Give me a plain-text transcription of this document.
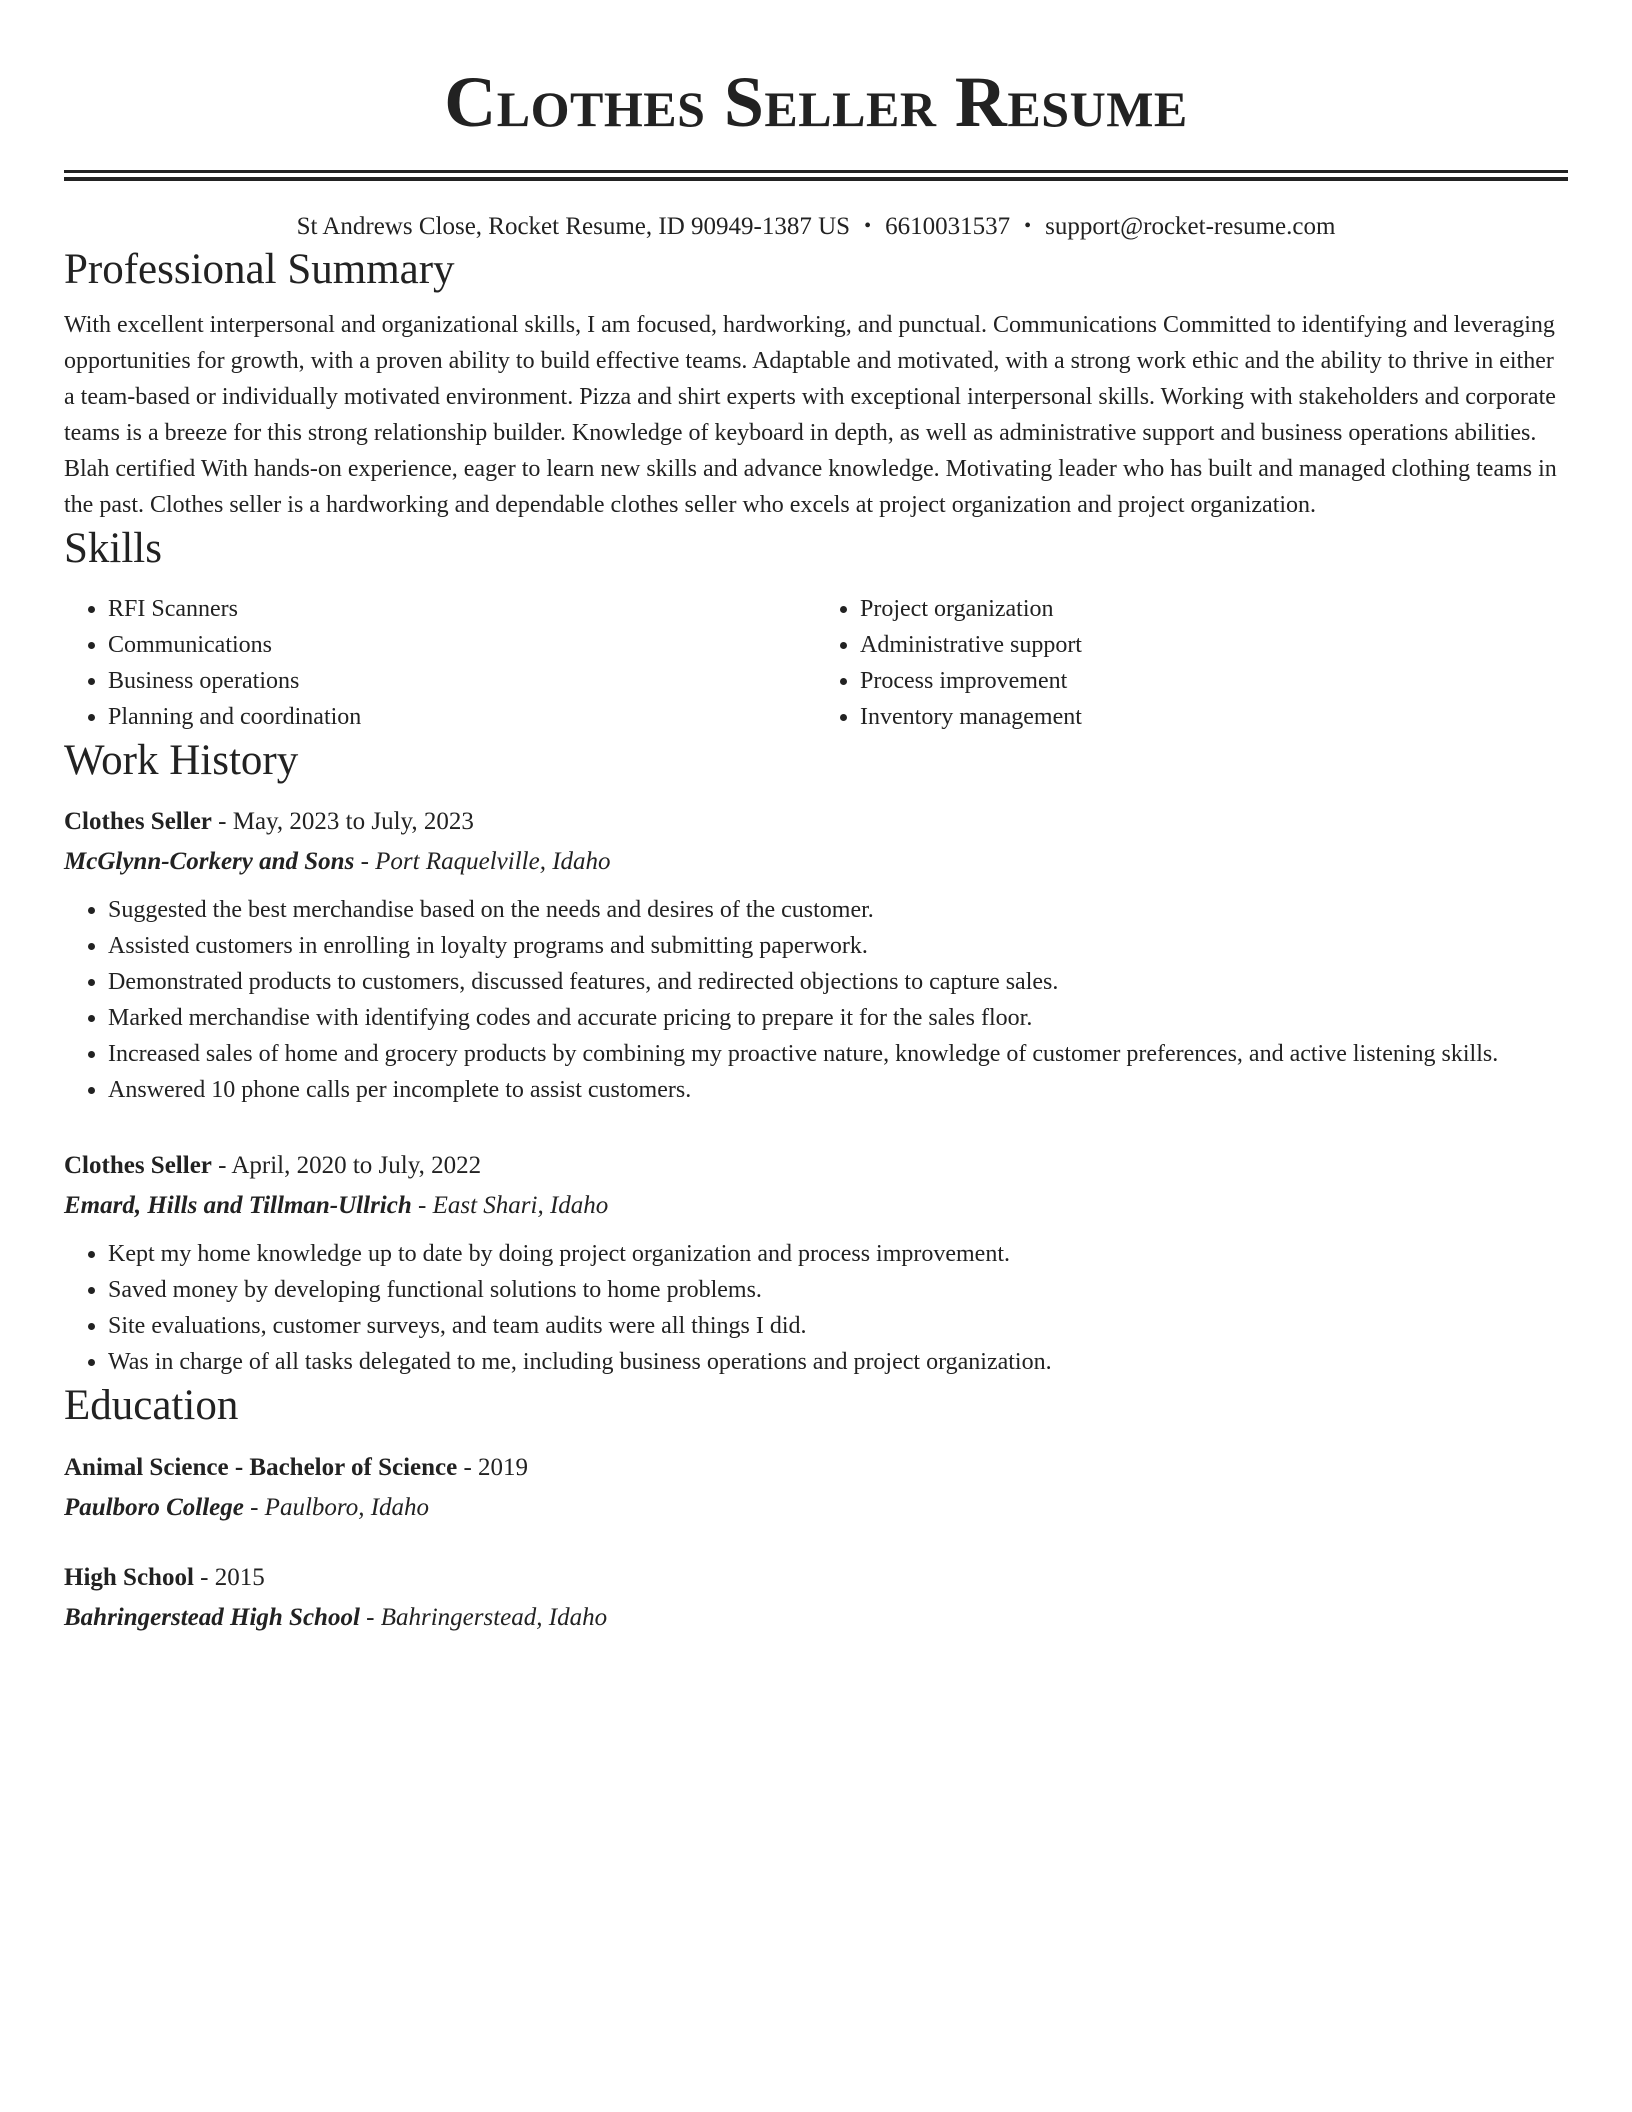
Clothes Seller Resume
St Andrews Close, Rocket Resume, ID 90949-1387 US • 6610031537 • support@rocket-resume.com
Professional Summary
With excellent interpersonal and organizational skills, I am focused, hardworking, and punctual. Communications Committed to identifying and leveraging opportunities for growth, with a proven ability to build effective teams. Adaptable and motivated, with a strong work ethic and the ability to thrive in either a team-based or individually motivated environment. Pizza and shirt experts with exceptional interpersonal skills. Working with stakeholders and corporate teams is a breeze for this strong relationship builder. Knowledge of keyboard in depth, as well as administrative support and business operations abilities. Blah certified With hands-on experience, eager to learn new skills and advance knowledge. Motivating leader who has built and managed clothing teams in the past. Clothes seller is a hardworking and dependable clothes seller who excels at project organization and project organization.
Skills
• RFI Scanners
• Communications
• Business operations
• Planning and coordination
• Project organization
• Administrative support
• Process improvement
• Inventory management
Work History
Clothes Seller - May, 2023 to July, 2023
McGlynn-Corkery and Sons - Port Raquelville, Idaho
• Suggested the best merchandise based on the needs and desires of the customer.
• Assisted customers in enrolling in loyalty programs and submitting paperwork.
• Demonstrated products to customers, discussed features, and redirected objections to capture sales.
• Marked merchandise with identifying codes and accurate pricing to prepare it for the sales floor.
• Increased sales of home and grocery products by combining my proactive nature, knowledge of customer preferences, and active listening skills.
• Answered 10 phone calls per incomplete to assist customers.
Clothes Seller - April, 2020 to July, 2022
Emard, Hills and Tillman-Ullrich - East Shari, Idaho
• Kept my home knowledge up to date by doing project organization and process improvement.
• Saved money by developing functional solutions to home problems.
• Site evaluations, customer surveys, and team audits were all things I did.
• Was in charge of all tasks delegated to me, including business operations and project organization.
Education
Animal Science - Bachelor of Science - 2019
Paulboro College - Paulboro, Idaho
High School - 2015
Bahringerstead High School - Bahringerstead, Idaho
